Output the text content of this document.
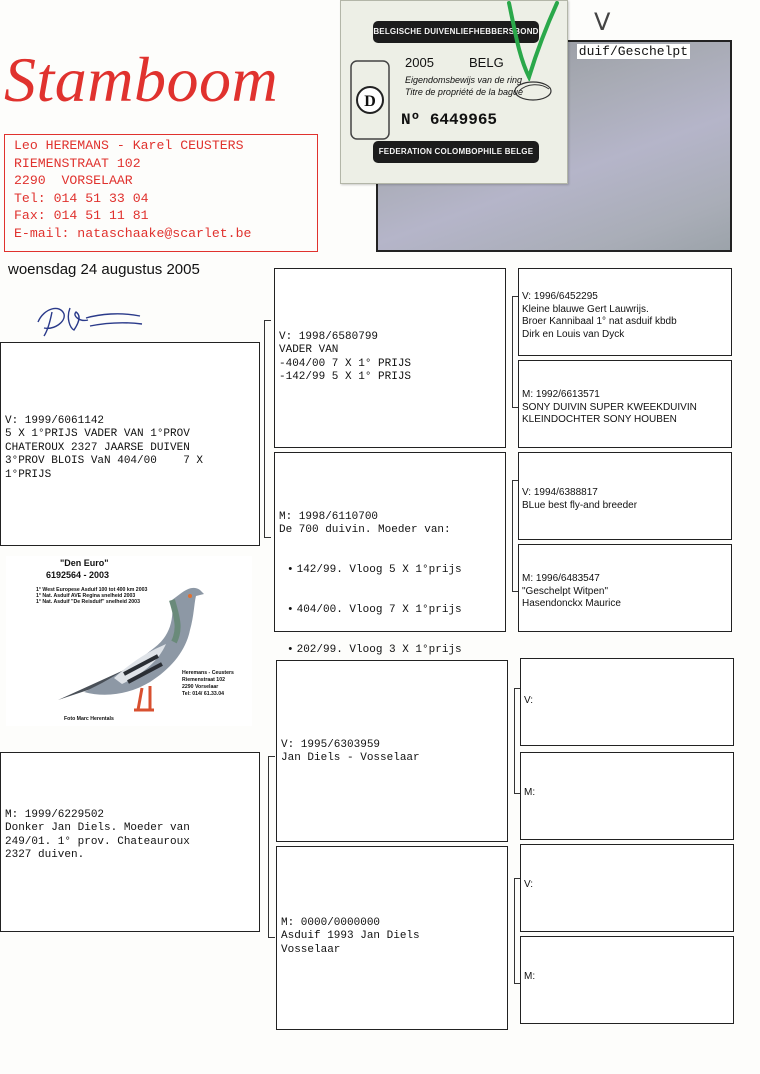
Stamboom
Leo HEREMANS - Karel CEUSTERS
RIEMENSTRAAT 102
2290  VORSELAAR
Tel: 014 51 33 04
Fax: 014 51 11 81
E-mail: nataschaake@scarlet.be
woensdag 24 augustus 2005
duif/Geschelpt
BELGISCHE DUIVENLIEFHEBBERSBOND
D
2005	BELG
Eigendomsbewijs van de ring
Titre de propriété de la bague
Nº 6449965
FEDERATION COLOMBOPHILE BELGE
V
"Den Euro"
6192564 - 2003
1° West Europese Asduif 100 tot 400 km 2003
1° Nat. Asduif AVE Regina snelheid 2003
1° Nat. Asduif "De Reisduif" snelheid 2003
Heremans - Ceusters
Riemenstraat 102
2290 Vorselaar
Tel: 014/ 61.33.04
Foto Marc Herentals
V: 1999/6061142
5 X 1°PRIJS VADER VAN 1°PROV
CHATEROUX 2327 JAARSE DUIVEN
3°PROV BLOIS VaN 404/00    7 X
1°PRIJS
M: 1999/6229502
Donker Jan Diels. Moeder van
249/01. 1° prov. Chateauroux
2327 duiven.
V: 1998/6580799
VADER VAN
-404/00 7 X 1° PRIJS
-142/99 5 X 1° PRIJS
M: 1998/6110700
De 700 duivin. Moeder van:

• 142/99. Vloog 5 X 1°prijs

• 404/00. Vloog 7 X 1°prijs

• 202/99. Vloog 3 X 1°prijs

V: 1995/6303959
Jan Diels - Vosselaar
M: 0000/0000000
Asduif 1993 Jan Diels
Vosselaar
V: 1996/6452295
Kleine blauwe Gert Lauwrijs.
Broer Kannibaal 1° nat asduif kbdb
Dirk en Louis van Dyck
M: 1992/6613571
SONY DUIVIN SUPER KWEEKDUIVIN
KLEINDOCHTER SONY HOUBEN
V: 1994/6388817
BLue best fly-and breeder
M: 1996/6483547
"Geschelpt Witpen"
Hasendonckx Maurice
V:
M:
V:
M:
